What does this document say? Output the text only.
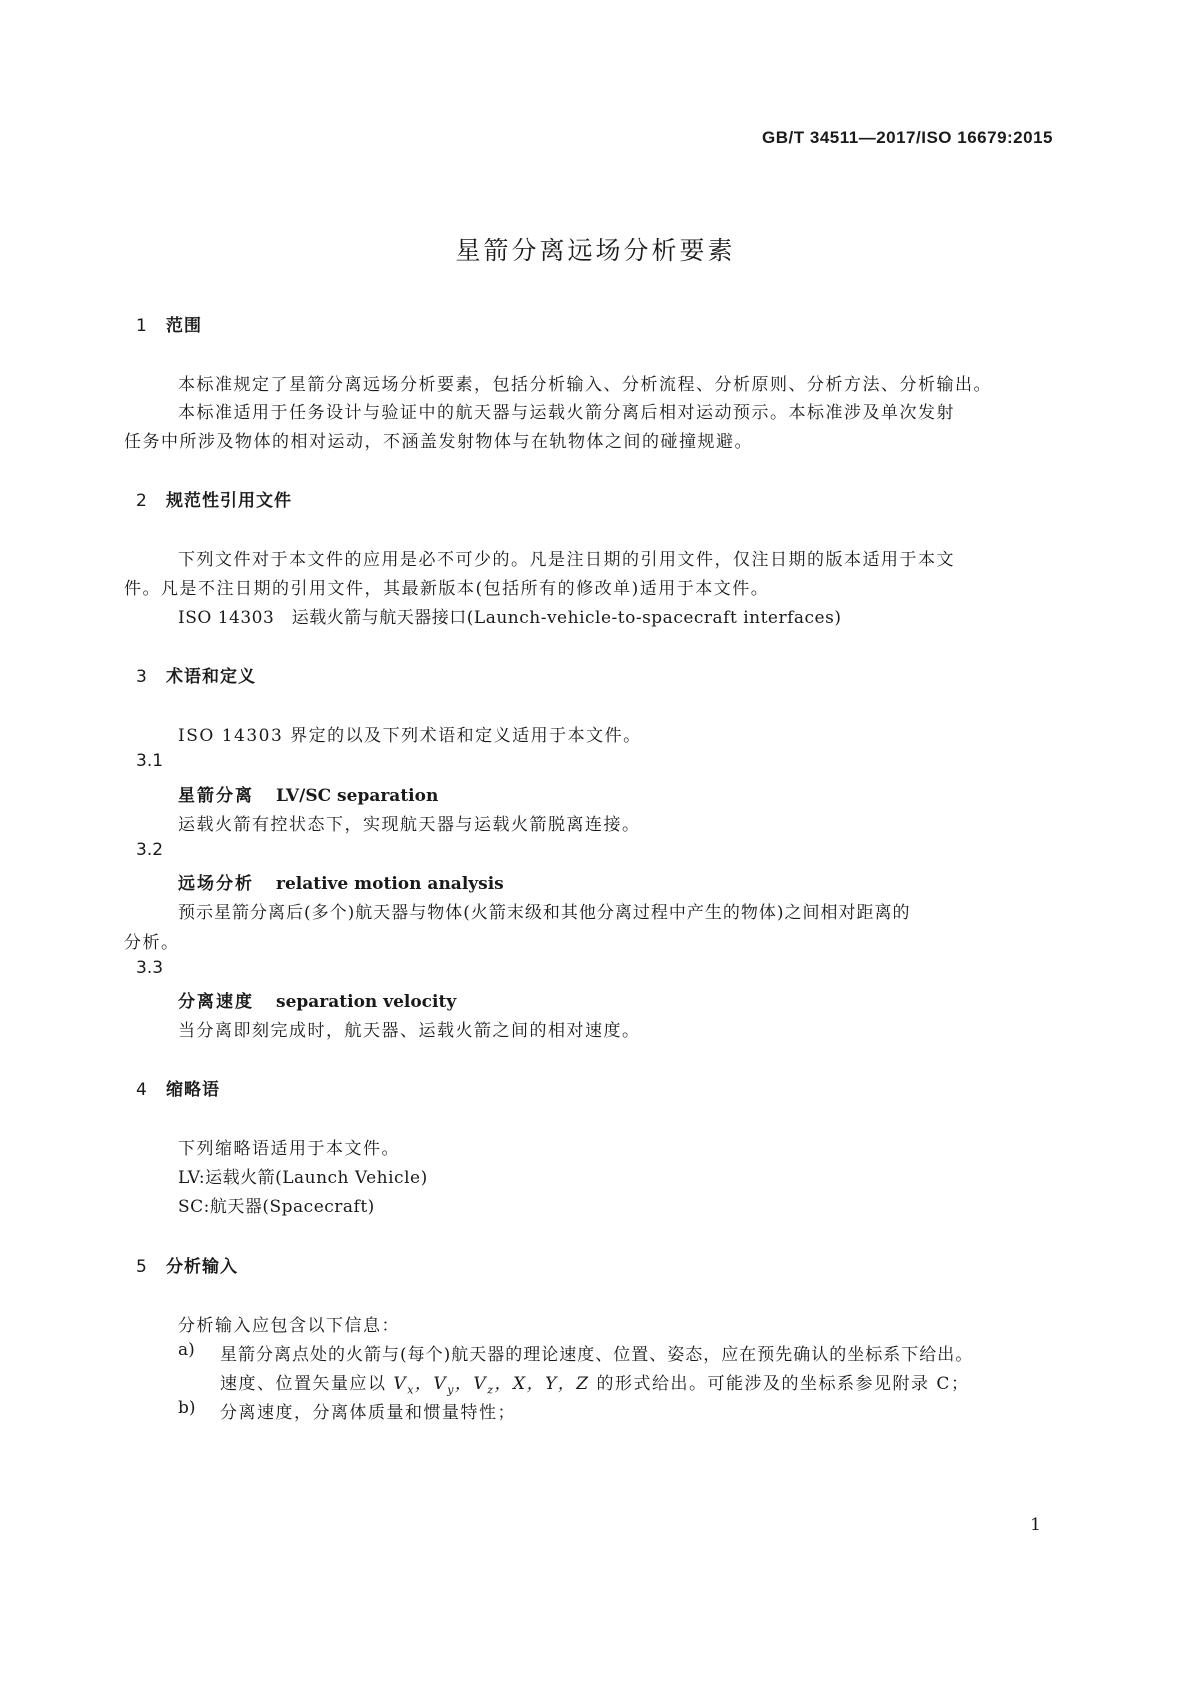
GB/T 34511—2017/ISO 16679:2015
星箭分离远场分析要素
1 范围
本标准规定了星箭分离远场分析要素，包括分析输入、分析流程、分析原则、分析方法、分析输出。
本标准适用于任务设计与验证中的航天器与运载火箭分离后相对运动预示。本标准涉及单次发射
任务中所涉及物体的相对运动，不涵盖发射物体与在轨物体之间的碰撞规避。
2 规范性引用文件
下列文件对于本文件的应用是必不可少的。凡是注日期的引用文件，仅注日期的版本适用于本文
件。凡是不注日期的引用文件，其最新版本(包括所有的修改单)适用于本文件。
ISO 14303　运载火箭与航天器接口(Launch-vehicle-to-spacecraft interfaces)
3 术语和定义
ISO 14303 界定的以及下列术语和定义适用于本文件。
3.1
星箭分离 LV/SC separation
运载火箭有控状态下，实现航天器与运载火箭脱离连接。
3.2
远场分析 relative motion analysis
预示星箭分离后(多个)航天器与物体(火箭末级和其他分离过程中产生的物体)之间相对距离的
分析。
3.3
分离速度 separation velocity
当分离即刻完成时，航天器、运载火箭之间的相对速度。
4 缩略语
下列缩略语适用于本文件。
LV:运载火箭(Launch Vehicle)
SC:航天器(Spacecraft)
5 分析输入
分析输入应包含以下信息：
a) 星箭分离点处的火箭与(每个)航天器的理论速度、位置、姿态，应在预先确认的坐标系下给出。
速度、位置矢量应以 $V_x$，$V_y$，$V_z$，X，Y，Z 的形式给出。可能涉及的坐标系参见附录 C；
b) 分离速度，分离体质量和惯量特性；
1
